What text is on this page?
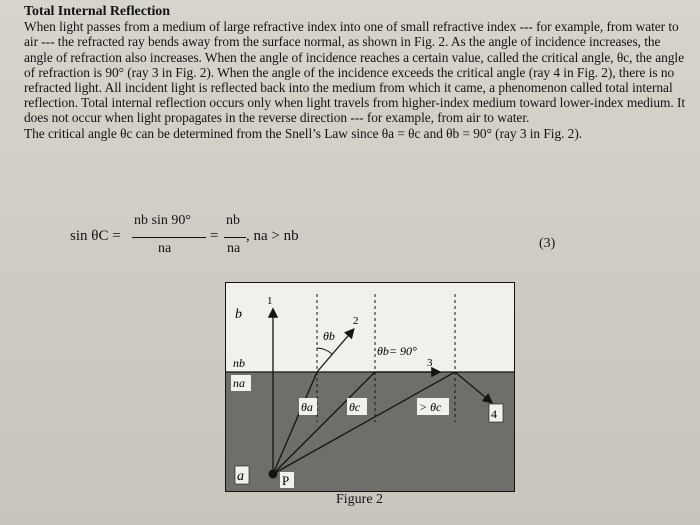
Total Internal Reflection

When light passes from a medium of large refractive index into one of small refractive index --- for example, from water to air --- the refracted ray bends away from the surface normal, as shown in Fig. 2. As the angle of incidence increases, the angle of refraction also increases. When the angle of incidence reaches a certain value, called the critical angle, θc, the angle of refraction is 90° (ray 3 in Fig. 2). When the angle of the incidence exceeds the critical angle (ray 4 in Fig. 2), there is no refracted light. All incident light is reflected back into the medium from which it came, a phenomenon called total internal reflection. Total internal reflection occurs only when light travels from higher-index medium toward lower-index medium. It does not occur when light propagates in the reverse direction --- for example, from air to water.

The critical angle θc can be determined from the Snell’s Law since θa = θc and θb = 90° (ray 3 in Fig. 2).

sin θC =
nb sin 90°
na
=
nb
na
, na > nb	(3)
b
nb
na
a	P
1
2
3
4
θb
θb= 90°
θa	θc	> θc
Figure 2
